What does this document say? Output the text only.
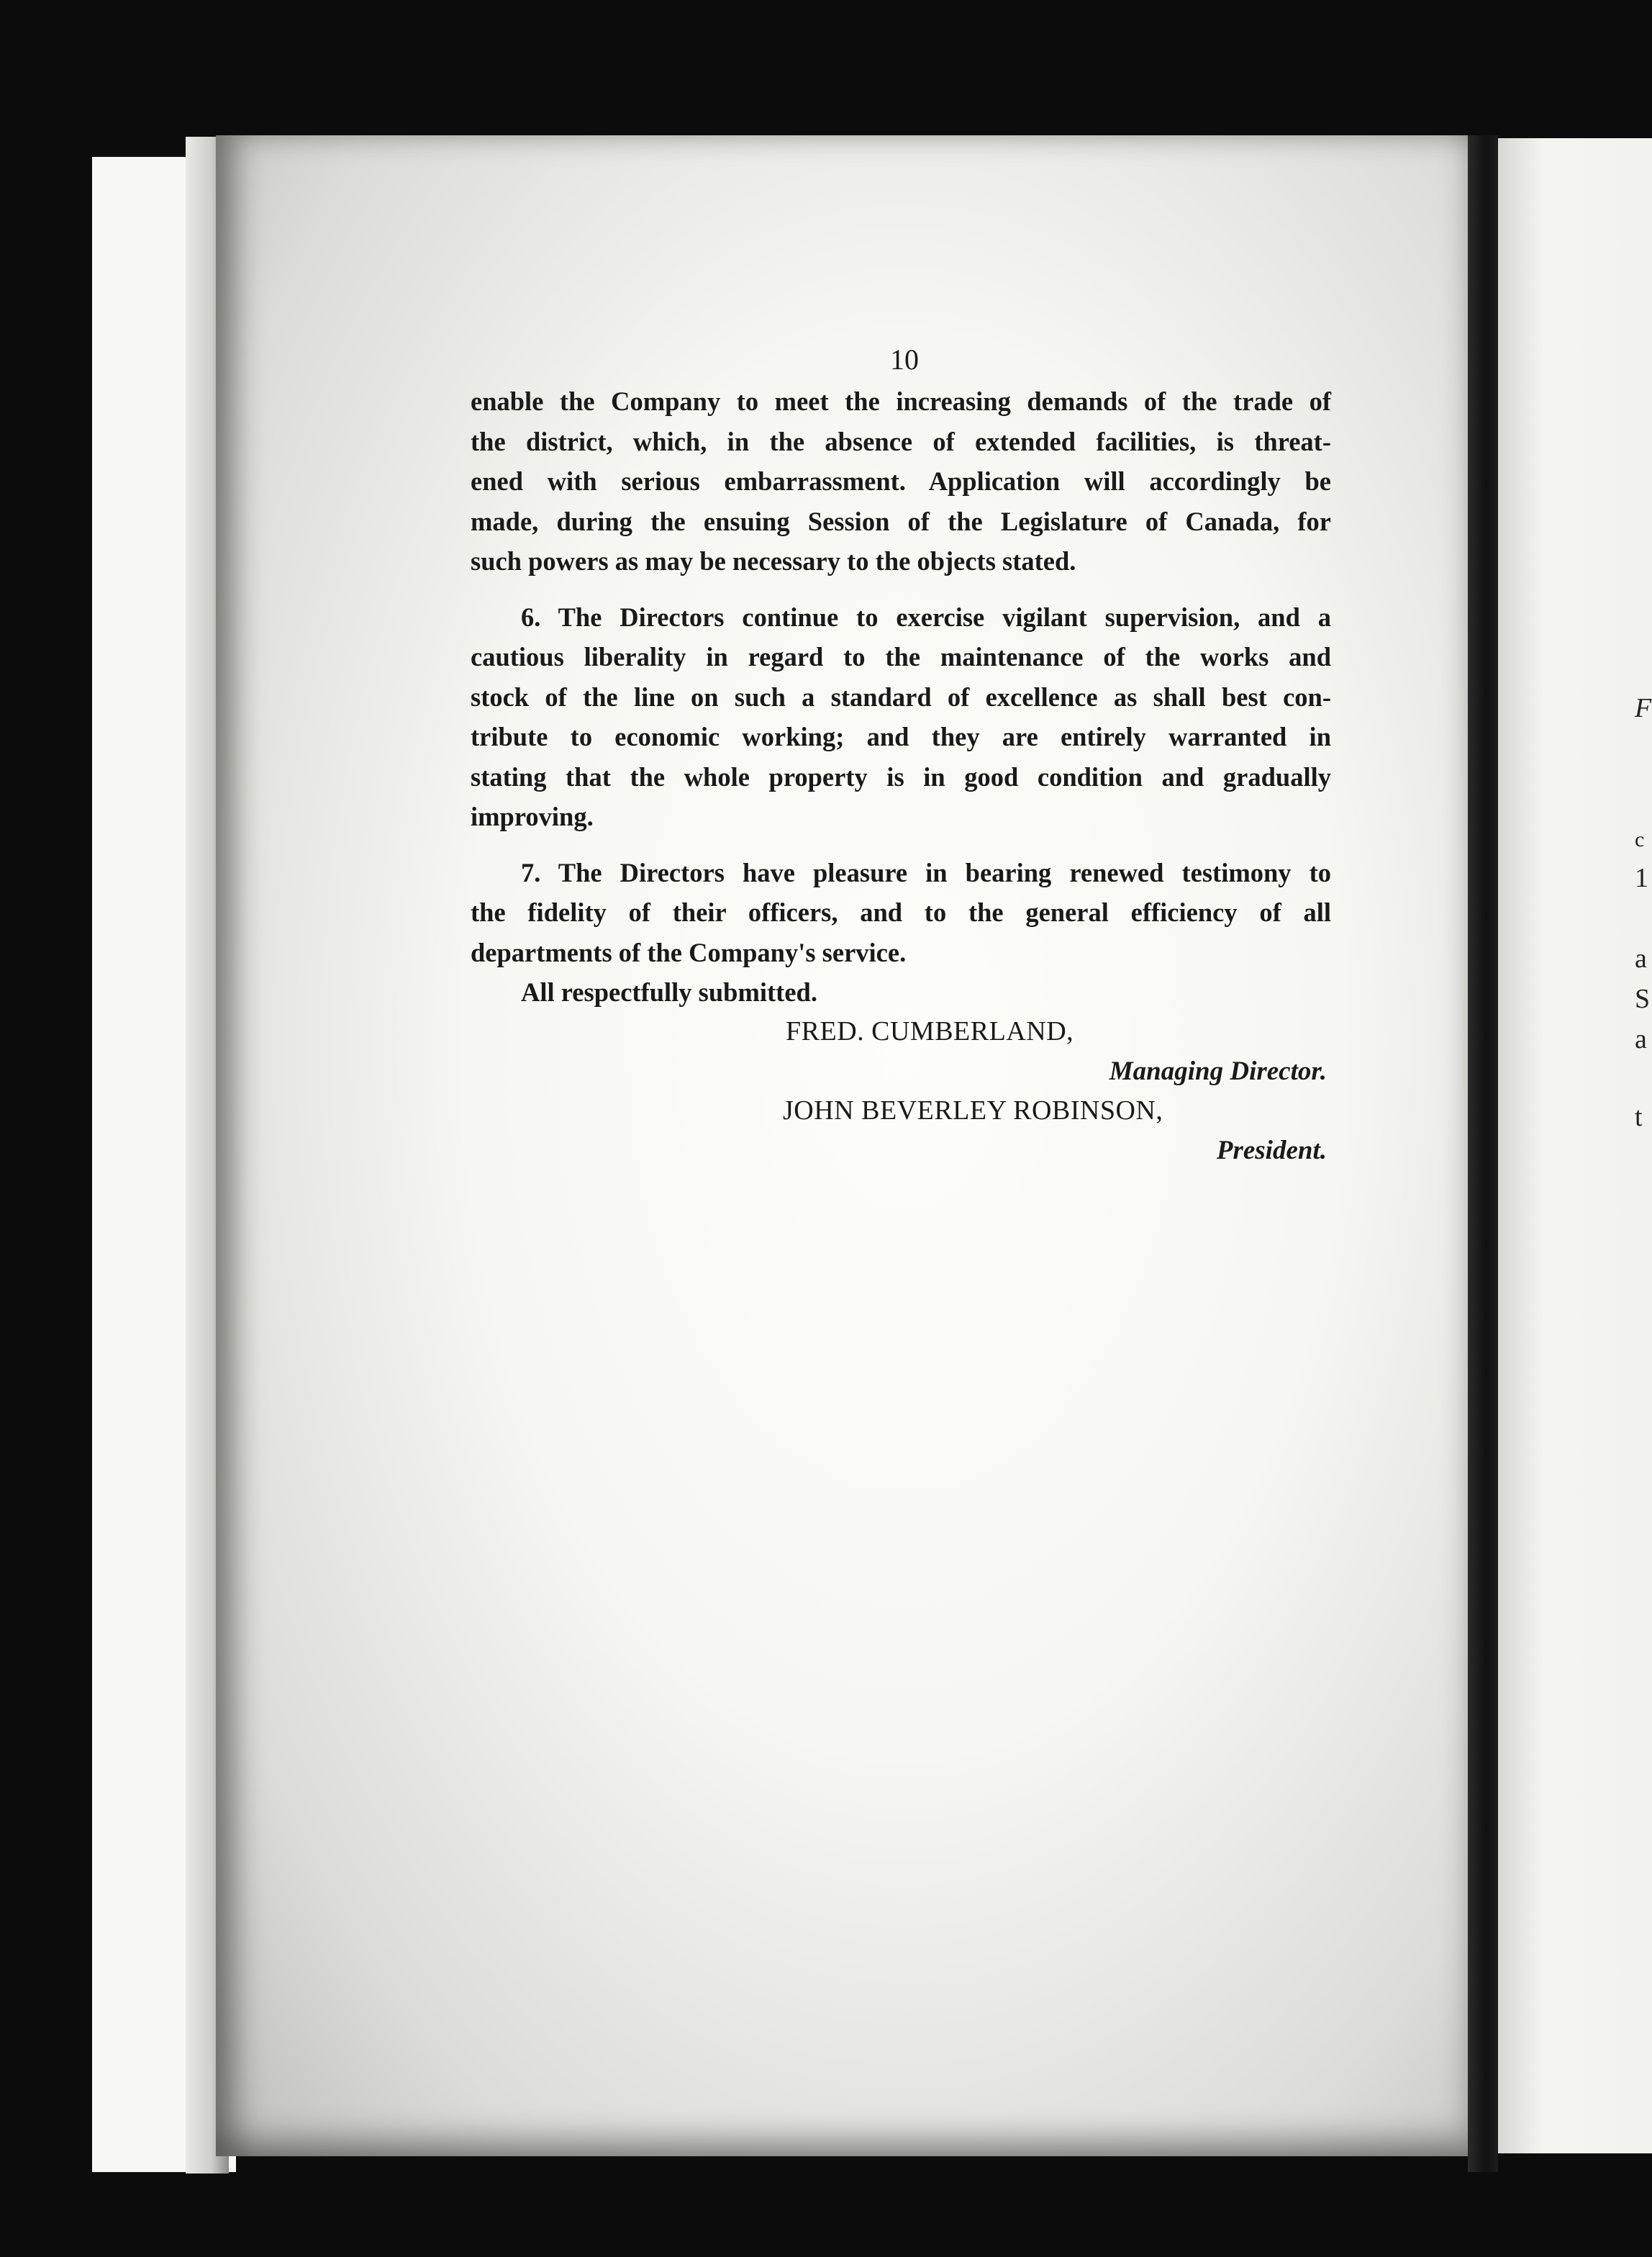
F
c
1
a
S
a
t
10
enable the Company to meet the increasing demands of the trade of
the district, which, in the absence of extended facilities, is threat-
ened with serious embarrassment. Application will accordingly be
made, during the ensuing Session of the Legislature of Canada, for
such powers as may be necessary to the objects stated.
6. The Directors continue to exercise vigilant supervision, and a
cautious liberality in regard to the maintenance of the works and
stock of the line on such a standard of excellence as shall best con-
tribute to economic working; and they are entirely warranted in
stating that the whole property is in good condition and gradually
improving.
7. The Directors have pleasure in bearing renewed testimony to
the fidelity of their officers, and to the general efficiency of all
departments of the Company's service.

All respectfully submitted.

FRED. CUMBERLAND,

Managing Director.

JOHN BEVERLEY ROBINSON,

President.
